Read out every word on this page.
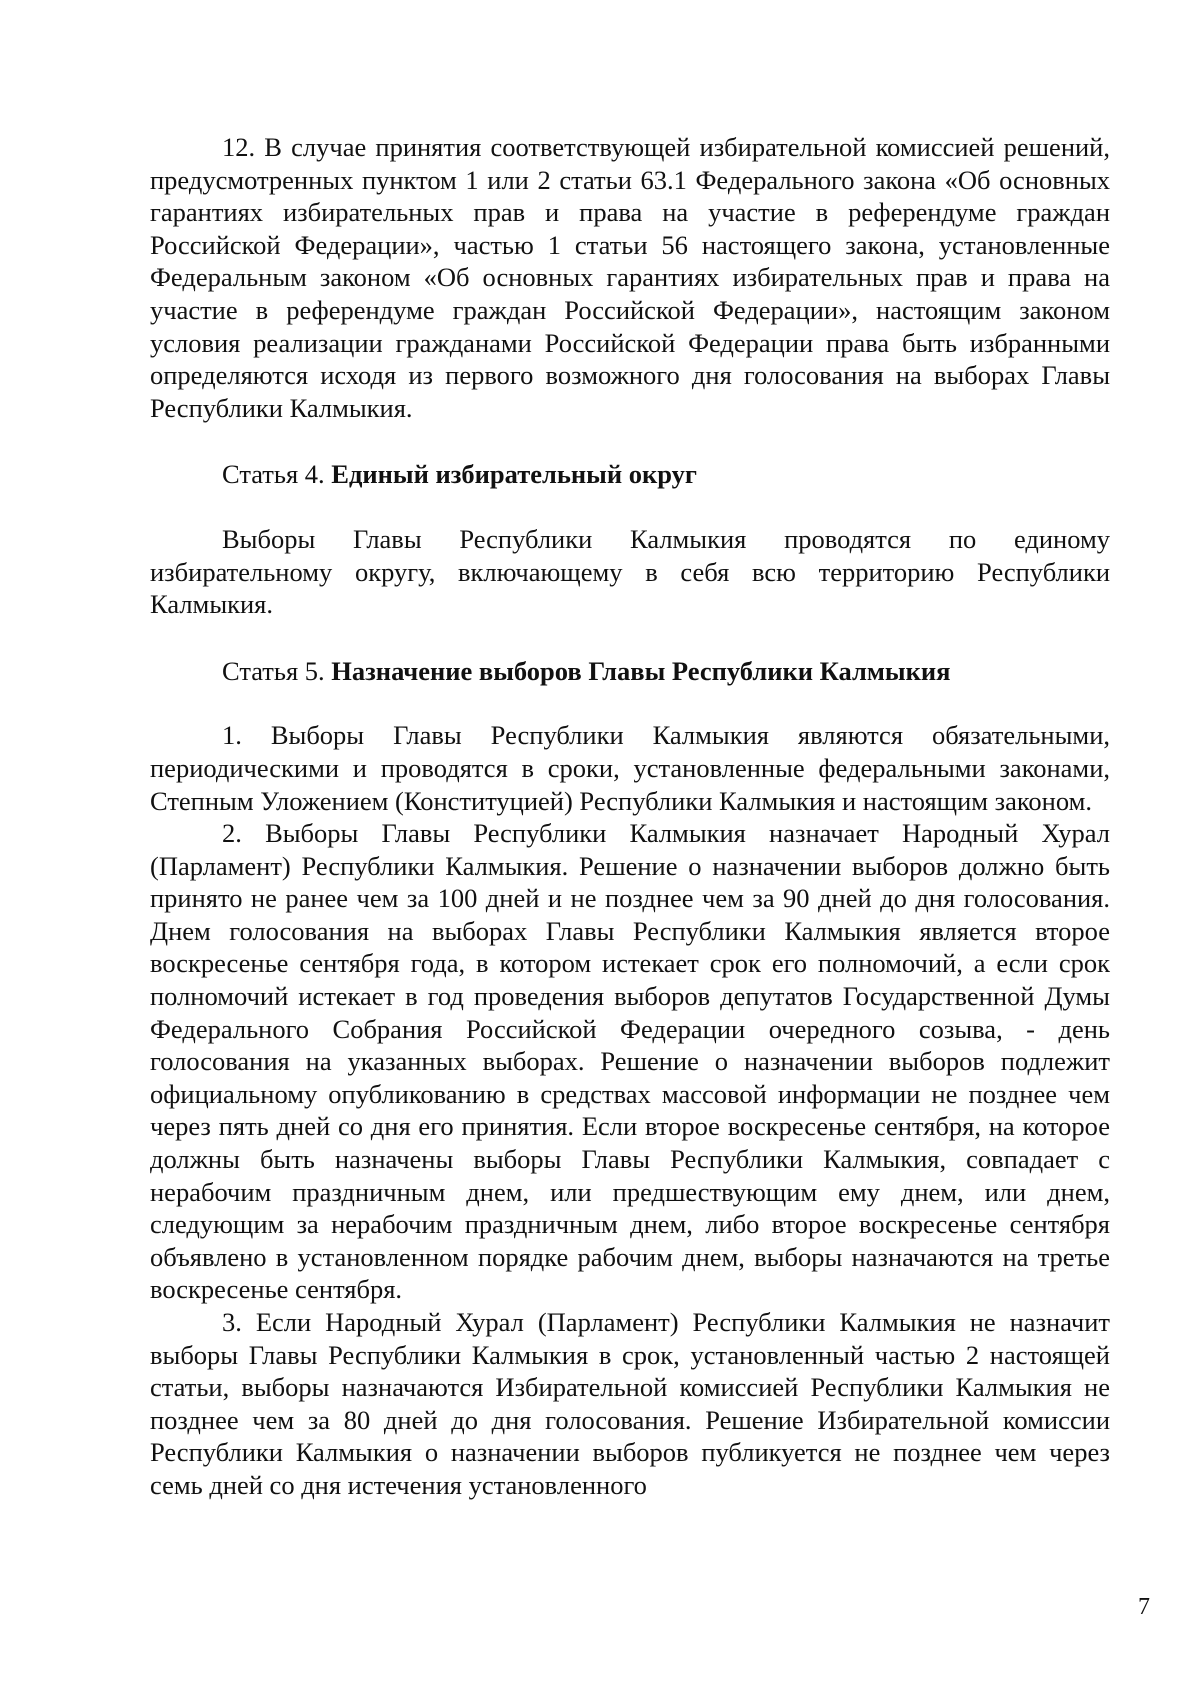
12. В случае принятия соответствующей избирательной комиссией решений, предусмотренных пунктом 1 или 2 статьи 63.1 Федерального закона «Об основных гарантиях избирательных прав и права на участие в референдуме граждан Российской Федерации», частью 1 статьи 56 настоящего закона, установленные Федеральным законом «Об основных гарантиях избирательных прав и права на участие в референдуме граждан Российской Федерации», настоящим законом условия реализации гражданами Российской Федерации права быть избранными определяются исходя из первого возможного дня голосования на выборах Главы Республики Калмыкия.

Статья 4. Единый избирательный округ

Выборы Главы Республики Калмыкия проводятся по единому избирательному округу, включающему в себя всю территорию Республики Калмыкия.

Статья 5. Назначение выборов Главы Республики Калмыкия

1. Выборы Главы Республики Калмыкия являются обязательными, периодическими и проводятся в сроки, установленные федеральными законами, Степным Уложением (Конституцией) Республики Калмыкия и настоящим законом.

2. Выборы Главы Республики Калмыкия назначает Народный Хурал (Парламент) Республики Калмыкия. Решение о назначении выборов должно быть принято не ранее чем за 100 дней и не позднее чем за 90 дней до дня голосования. Днем голосования на выборах Главы Республики Калмыкия является второе воскресенье сентября года, в котором истекает срок его полномочий, а если срок полномочий истекает в год проведения выборов депутатов Государственной Думы Федерального Собрания Российской Федерации очередного созыва, - день голосования на указанных выборах. Решение о назначении выборов подлежит официальному опубликованию в средствах массовой информации не позднее чем через пять дней со дня его принятия. Если второе воскресенье сентября, на которое должны быть назначены выборы Главы Республики Калмыкия, совпадает с нерабочим праздничным днем, или предшествующим ему днем, или днем, следующим за нерабочим праздничным днем, либо второе воскресенье сентября объявлено в установленном порядке рабочим днем, выборы назначаются на третье воскресенье сентября.

3. Если Народный Хурал (Парламент) Республики Калмыкия не назначит выборы Главы Республики Калмыкия в срок, установленный частью 2 настоящей статьи, выборы назначаются Избирательной комиссией Республики Калмыкия не позднее чем за 80 дней до дня голосования. Решение Избирательной комиссии Республики Калмыкия о назначении выборов публикуется не позднее чем через семь дней со дня истечения установленного

7
